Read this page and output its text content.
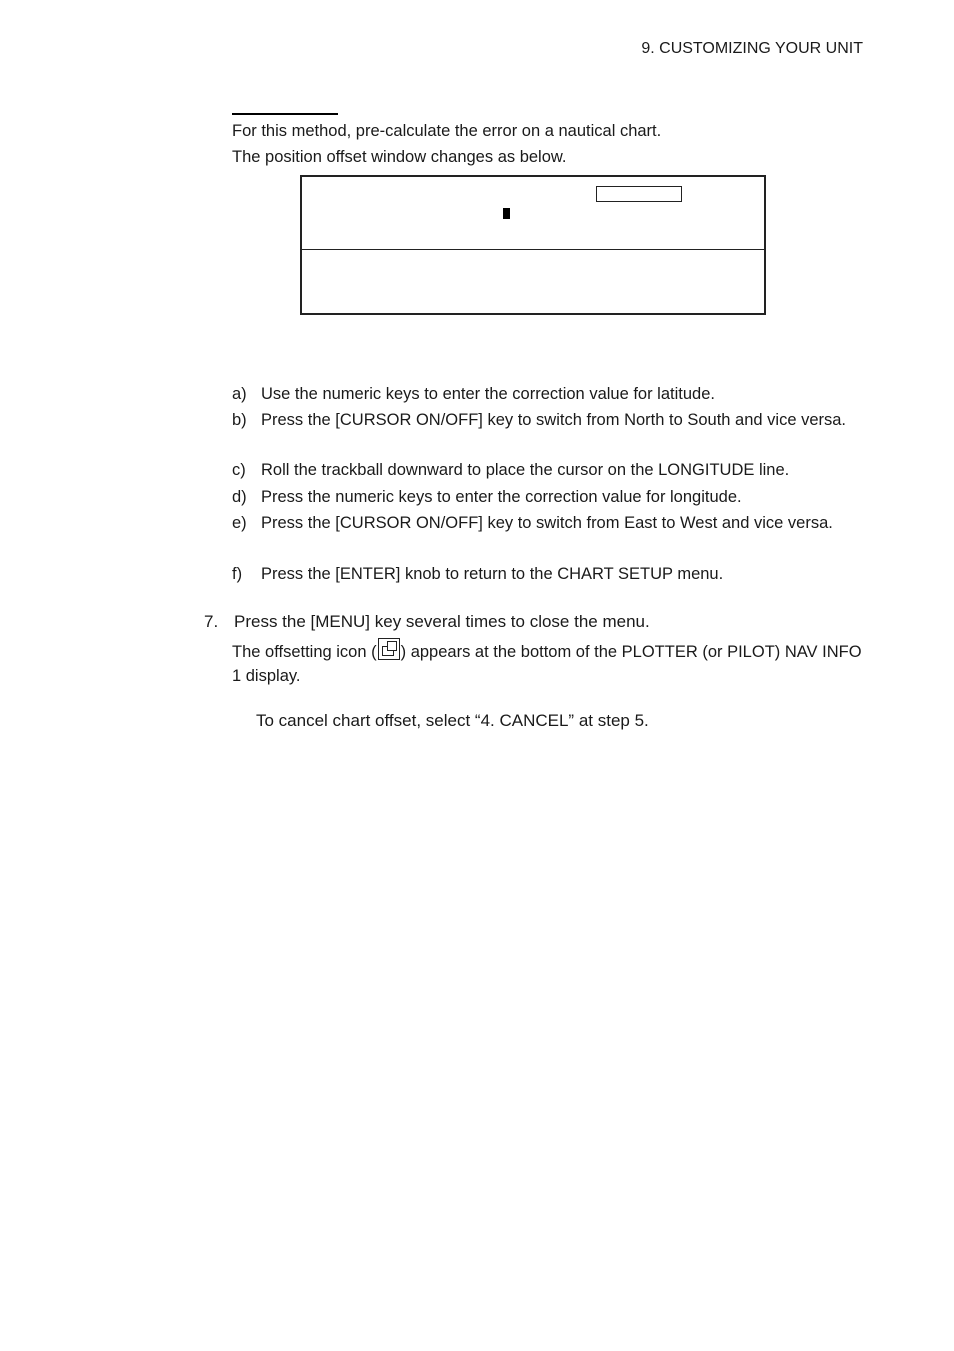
9. CUSTOMIZING YOUR UNIT
For this method, pre-calculate the error on a nautical chart.
The position offset window changes as below.
a) Use the numeric keys to enter the correction value for latitude.
b) Press the [CURSOR ON/OFF] key to switch from North to South and vice versa.
c) Roll the trackball downward to place the cursor on the LONGITUDE line.
d) Press the numeric keys to enter the correction value for longitude.
e) Press the [CURSOR ON/OFF] key to switch from East to West and vice versa.
f)	Press the [ENTER] knob to return to the CHART SETUP menu.
7. Press the [MENU] key several times to close the menu.
The offsetting icon ( ) appears at the bottom of the PLOTTER (or PILOT) NAV INFO 1 display.
To cancel chart offset, select “4. CANCEL” at step 5.
